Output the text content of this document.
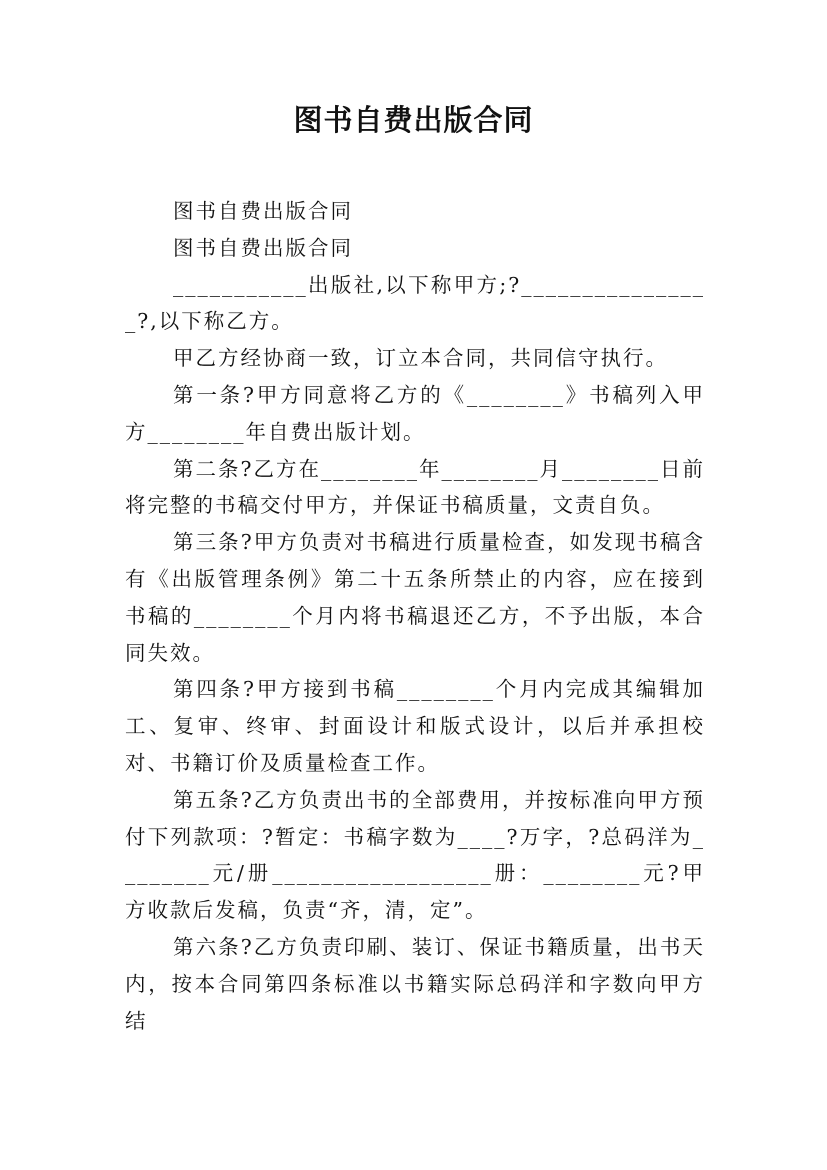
图书自费出版合同

图书自费出版合同

图书自费出版合同

___________出版社,以下称甲方;?________________?,以下称乙方。

甲乙方经协商一致，订立本合同，共同信守执行。

第一条?甲方同意将乙方的《________》书稿列入甲方________年自费出版计划。

第二条?乙方在________年________月________日前将完整的书稿交付甲方，并保证书稿质量，文责自负。

第三条?甲方负责对书稿进行质量检查，如发现书稿含有《出版管理条例》第二十五条所禁止的内容，应在接到书稿的________个月内将书稿退还乙方，不予出版，本合同失效。

第四条?甲方接到书稿________个月内完成其编辑加工、复审、终审、封面设计和版式设计，以后并承担校对、书籍订价及质量检查工作。

第五条?乙方负责出书的全部费用，并按标准向甲方预付下列款项：?暂定：书稿字数为____?万字，?总码洋为________元/册__________________册：________元?甲方收款后发稿，负责“齐，清，定”。

第六条?乙方负责印刷、装订、保证书籍质量，出书天内，按本合同第四条标准以书籍实际总码洋和字数向甲方结
